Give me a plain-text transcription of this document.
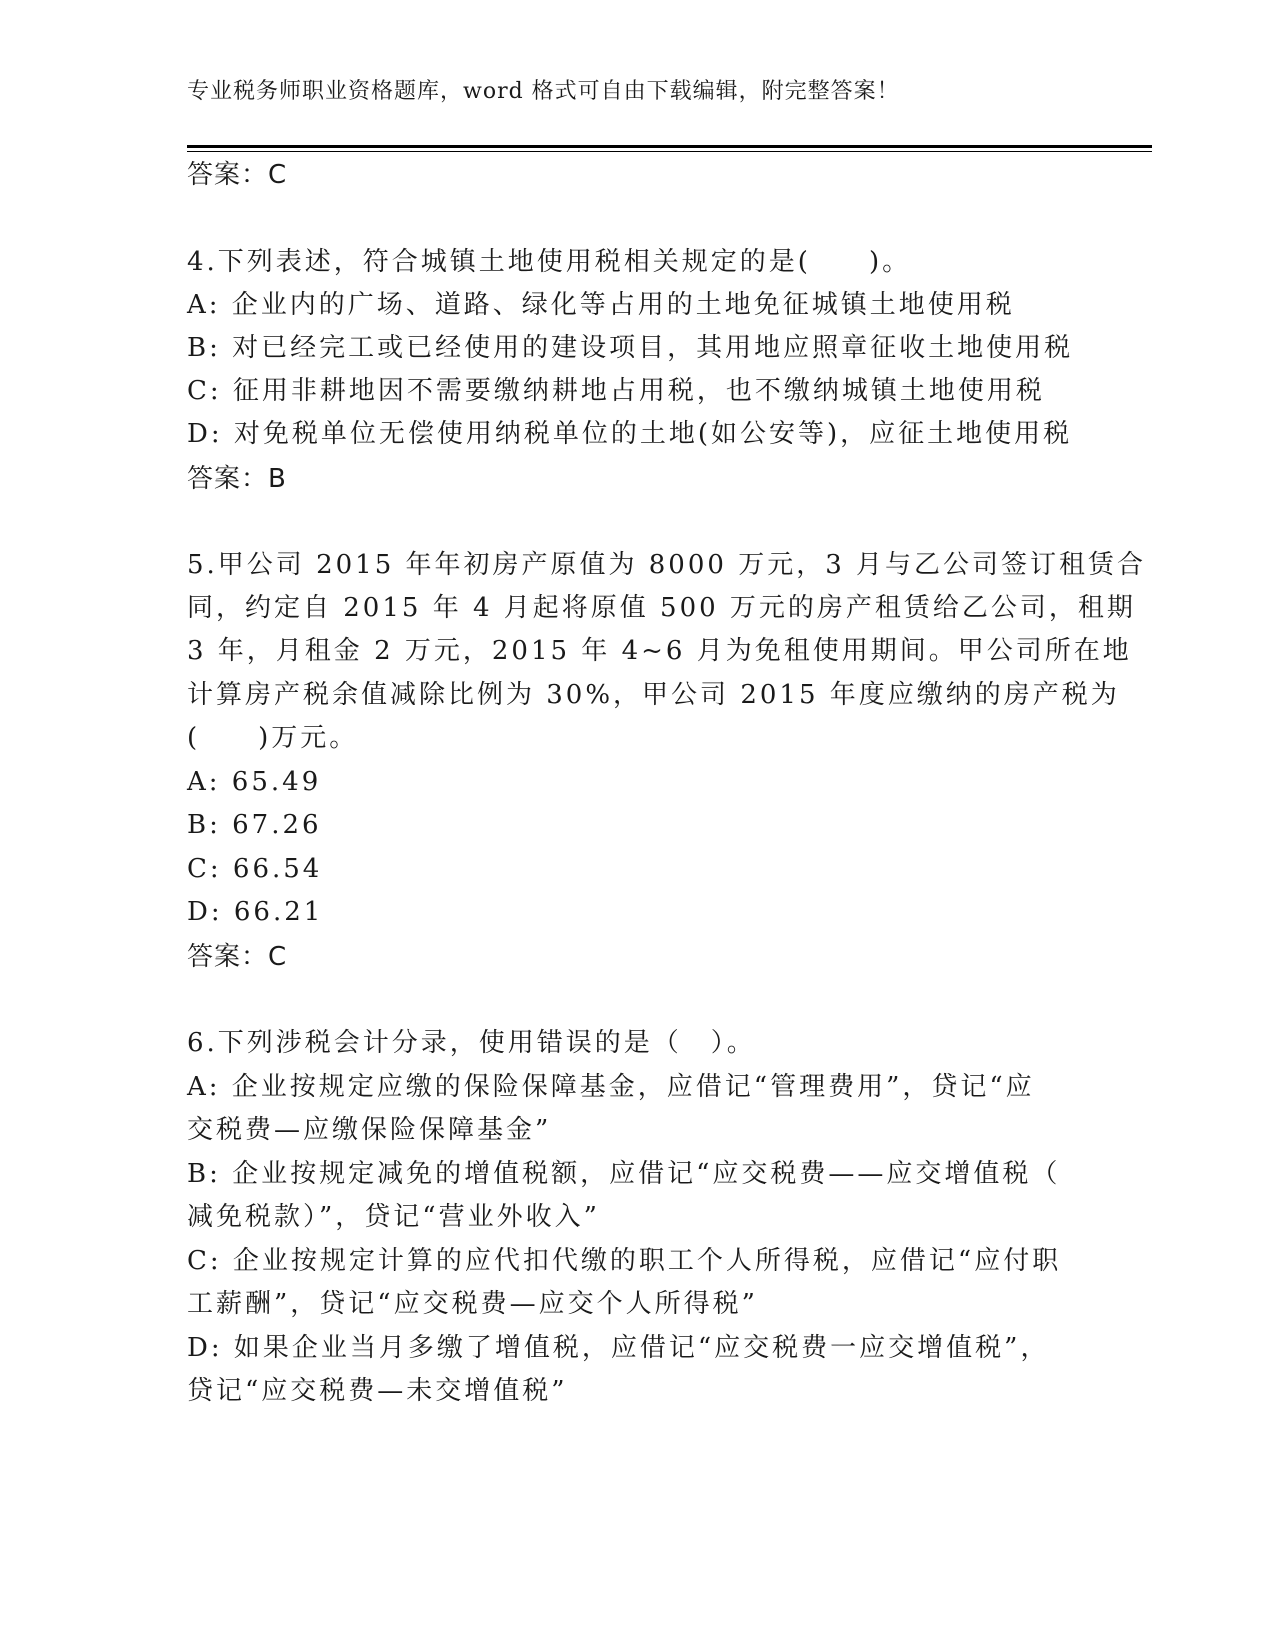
专业税务师职业资格题库，word 格式可自由下载编辑，附完整答案！
答案：C
4.下列表述，符合城镇土地使用税相关规定的是(　　)。
A: 企业内的广场、道路、绿化等占用的土地免征城镇土地使用税
B: 对已经完工或已经使用的建设项目，其用地应照章征收土地使用税
C: 征用非耕地因不需要缴纳耕地占用税，也不缴纳城镇土地使用税
D: 对免税单位无偿使用纳税单位的土地(如公安等)，应征土地使用税
答案：B
5.甲公司 2015 年年初房产原值为 8000 万元，3 月与乙公司签订租赁合
同，约定自 2015 年 4 月起将原值 500 万元的房产租赁给乙公司，租期
3 年，月租金 2 万元，2015 年 4~6 月为免租使用期间。甲公司所在地
计算房产税余值减除比例为 30%，甲公司 2015 年度应缴纳的房产税为
(　　)万元。
A: 65.49
B: 67.26
C: 66.54
D: 66.21
答案：C
6.下列涉税会计分录，使用错误的是（　）。
A: 企业按规定应缴的保险保障基金，应借记“管理费用”，贷记“应
交税费—应缴保险保障基金”
B: 企业按规定减免的增值税额，应借记“应交税费——应交增值税（
减免税款）”，贷记“营业外收入”
C: 企业按规定计算的应代扣代缴的职工个人所得税，应借记“应付职
工薪酬”，贷记“应交税费—应交个人所得税”
D: 如果企业当月多缴了增值税，应借记“应交税费一应交增值税”，
贷记“应交税费—未交增值税”
